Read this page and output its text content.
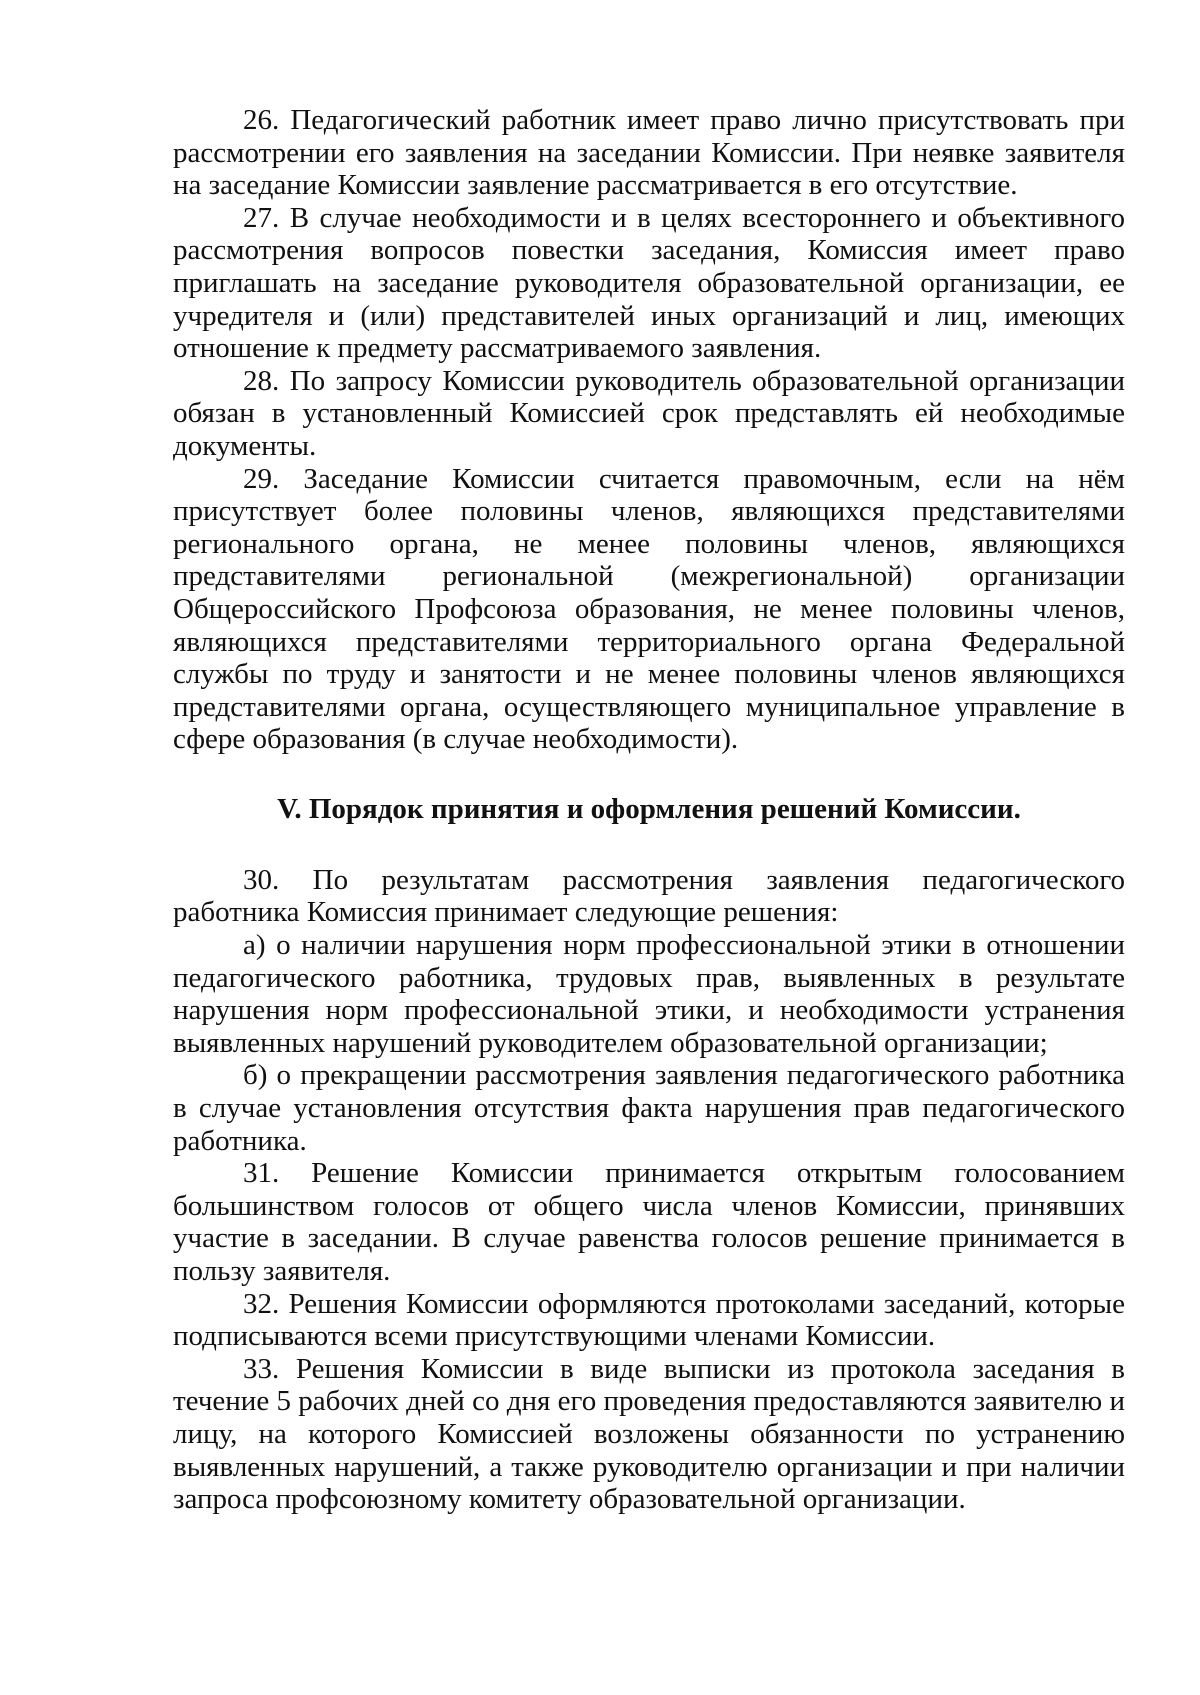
26. Педагогический работник имеет право лично присутствовать при рассмотрении его заявления на заседании Комиссии. При неявке заявителя на заседание Комиссии заявление рассматривается в его отсутствие.

27. В случае необходимости и в целях всестороннего и объективного рассмотрения вопросов повестки заседания, Комиссия имеет право приглашать на заседание руководителя образовательной организации, ее учредителя и (или) представителей иных организаций и лиц, имеющих отношение к предмету рассматриваемого заявления.

28. По запросу Комиссии руководитель образовательной организации обязан в установленный Комиссией срок представлять ей необходимые документы.

29. Заседание Комиссии считается правомочным, если на нём присутствует более половины членов, являющихся представителями регионального органа, не менее половины членов, являющихся представителями региональной (межрегиональной) организации Общероссийского Профсоюза образования, не менее половины членов, являющихся представителями территориального органа Федеральной службы по труду и занятости и не менее половины членов являющихся представителями органа, осуществляющего муниципальное управление в сфере образования (в случае необходимости).

V. Порядок принятия и оформления решений Комиссии.

30. По результатам рассмотрения заявления педагогического работника Комиссия принимает следующие решения:

а) о наличии нарушения норм профессиональной этики в отношении педагогического работника, трудовых прав, выявленных в результате нарушения норм профессиональной этики, и необходимости устранения выявленных нарушений руководителем образовательной организации;

б) о прекращении рассмотрения заявления педагогического работника в случае установления отсутствия факта нарушения прав педагогического работника.

31. Решение Комиссии принимается открытым голосованием большинством голосов от общего числа членов Комиссии, принявших участие в заседании. В случае равенства голосов решение принимается в пользу заявителя.

32. Решения Комиссии оформляются протоколами заседаний, которые подписываются всеми присутствующими членами Комиссии.

33. Решения Комиссии в виде выписки из протокола заседания в течение 5 рабочих дней со дня его проведения предоставляются заявителю и лицу, на которого Комиссией возложены обязанности по устранению выявленных нарушений, а также руководителю организации и при наличии запроса профсоюзному комитету образовательной организации.
